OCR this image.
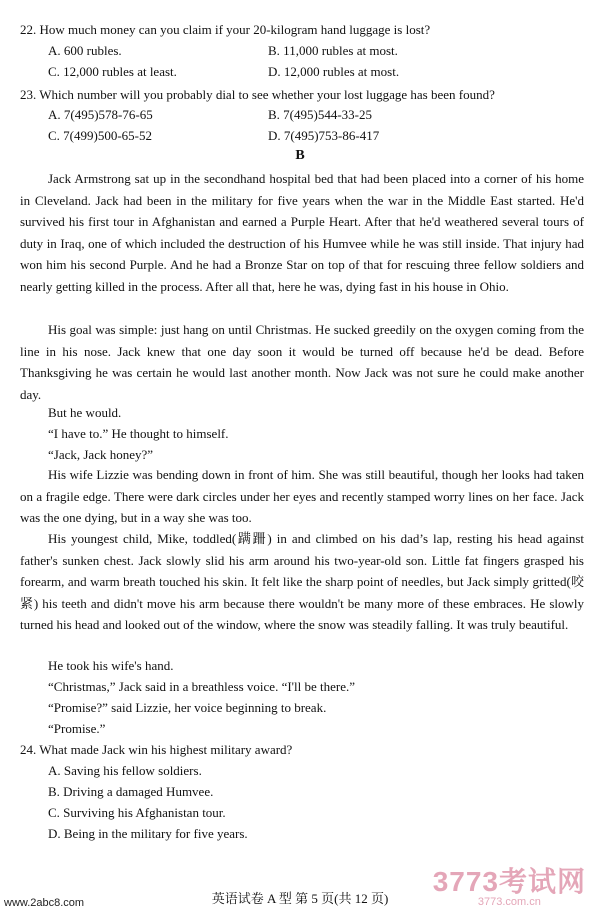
22. How much money can you claim if your 20-kilogram hand luggage is lost?
A. 600 rubles.	B. 11,000 rubles at most.
C. 12,000 rubles at least.	D. 12,000 rubles at most.
23. Which number will you probably dial to see whether your lost luggage has been found?
A. 7(495)578-76-65	B. 7(495)544-33-25
C. 7(499)500-65-52	D. 7(495)753-86-417
B
Jack Armstrong sat up in the secondhand hospital bed that had been placed into a corner of his home in Cleveland. Jack had been in the military for five years when the war in the Middle East started. He'd survived his first tour in Afghanistan and earned a Purple Heart. After that he'd weathered several tours of duty in Iraq, one of which included the destruction of his Humvee while he was still inside. That injury had won him his second Purple. And he had a Bronze Star on top of that for rescuing three fellow soldiers and nearly getting killed in the process. After all that, here he was, dying fast in his house in Ohio.
His goal was simple: just hang on until Christmas. He sucked greedily on the oxygen coming from the line in his nose. Jack knew that one day soon it would be turned off because he'd be dead. Before Thanksgiving he was certain he would last another month. Now Jack was not sure he could make another day.
But he would.
“I have to.” He thought to himself.
“Jack, Jack honey?”
His wife Lizzie was bending down in front of him. She was still beautiful, though her looks had taken on a fragile edge. There were dark circles under her eyes and recently stamped worry lines on her face. Jack was the one dying, but in a way she was too.
His youngest child, Mike, toddled(蹒跚) in and climbed on his dad’s lap, resting his head against father's sunken chest. Jack slowly slid his arm around his two-year-old son. Little fat fingers grasped his forearm, and warm breath touched his skin. It felt like the sharp point of needles, but Jack simply gritted(咬紧) his teeth and didn't move his arm because there wouldn't be many more of these embraces. He slowly turned his head and looked out of the window, where the snow was steadily falling. It was truly beautiful.
He took his wife's hand.
“Christmas,” Jack said in a breathless voice. “I'll be there.”
“Promise?” said Lizzie, her voice beginning to break.
“Promise.”
24. What made Jack win his highest military award?
A. Saving his fellow soldiers.
B. Driving a damaged Humvee.
C. Surviving his Afghanistan tour.
D. Being in the military for five years.
3773考试网
3773.com.cn
英语试卷 A 型 第 5 页(共 12 页)
www.2abc8.com
